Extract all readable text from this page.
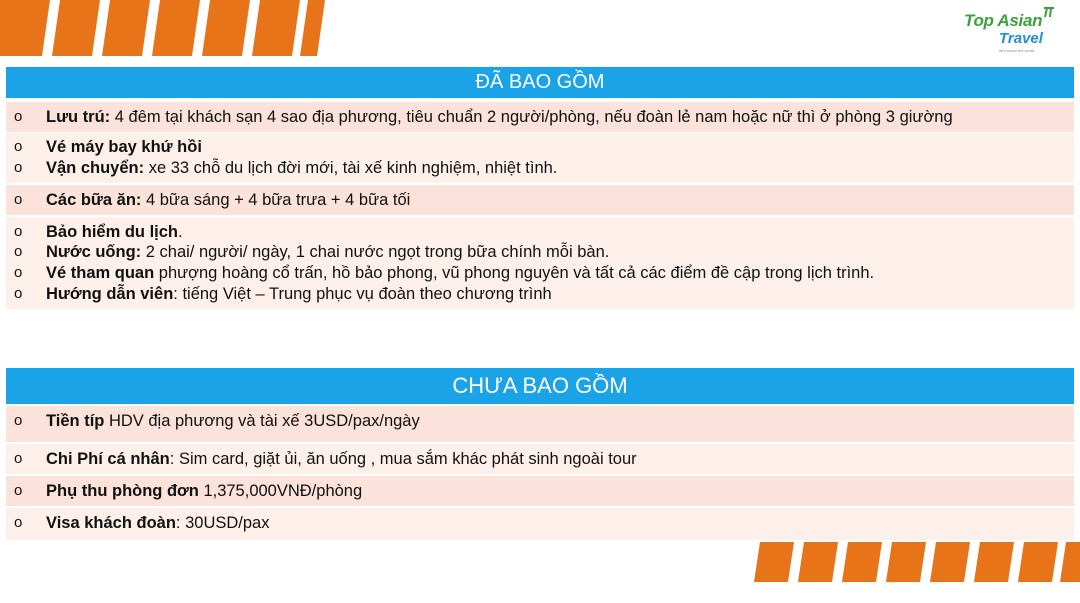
Top Asian
Travel
let's travel the world
ĐÃ BAO GỒM
o Lưu trú: 4 đêm tại khách sạn 4 sao địa phương, tiêu chuẩn 2 người/phòng, nếu đoàn lẻ nam hoặc nữ thì ở phòng 3 giường
o Vé máy bay khứ hồi
o Vận chuyển: xe 33 chỗ du lịch đời mới, tài xế kinh nghiệm, nhiệt tình.
o Các bữa ăn: 4 bữa sáng + 4 bữa trưa + 4 bữa tối
o Bảo hiểm du lịch.
o Nước uống: 2 chai/ người/ ngày, 1 chai nước ngọt trong bữa chính mỗi bàn.
o Vé tham quan phượng hoàng cổ trấn, hồ bảo phong, vũ phong nguyên và tất cả các điểm đề cập trong lịch trình.
o Hướng dẫn viên: tiếng Việt – Trung phục vụ đoàn theo chương trình
CHƯA BAO GỒM
o Tiền típ HDV địa phương và tài xế 3USD/pax/ngày
o Chi Phí cá nhân: Sim card, giặt ủi, ăn uống , mua sắm khác phát sinh ngoài tour
o Phụ thu phòng đơn 1,375,000VNĐ/phòng
o Visa khách đoàn: 30USD/pax
